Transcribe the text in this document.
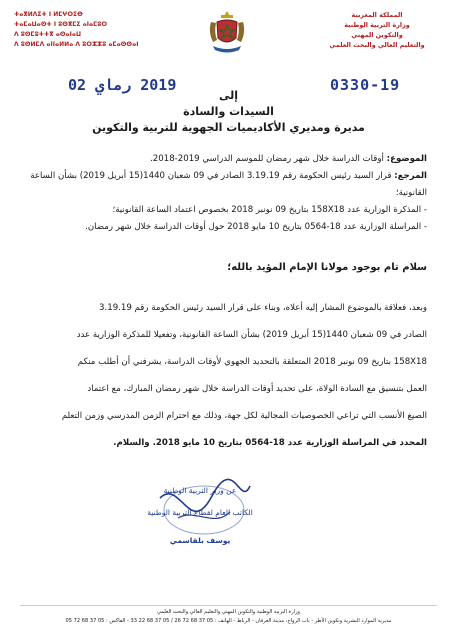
ⵜⴰⴳⵍⴷⵉⵜ ⵏ ⵍⵎⵖⵔⵉⴱ
ⵜⴰⵎⴰⵡⴰⵙⵜ ⵏ ⵓⵙⴳⵎⵉ ⴰⵏⴰⵎⵓⵔ
ⴷ ⵓⵙⵎⵓⵜⵜⴳ ⴰⵙⴰⵏⴰⵡ
ⴷ ⵓⵙⵍⵎⴷ ⴰⵏⵏⴰⵍⵍⴰ ⴷ ⵓⵔⵣⵣⵓ ⴰⵎⴰⵙⵙⴰⵏ
المملكة المغربية
وزارة التربية الوطنية
والتكوين المهني
والتعليم العالي والبحث العلمي
2019 رماي 02	0330-19
إلى
السيدات والسادة
مديرة ومديري الأكاديميات الجهوية للتربية والتكوين
الموضوع: أوقات الدراسة خلال شهر رمضان للموسم الدراسي 2019-2018.
المرجع: قرار السيد رئيس الحكومة رقم 3.19.19 الصادر في 09 شعبان 1440(15 أبريل 2019) بشأن الساعة القانونية؛
- المذكرة الوزارية عدد 158X18 بتاريخ 09 نونبر 2018 بخصوص اعتماد الساعة القانونية؛
- المراسلة الوزارية عدد 18-0564 بتاريخ 10 مايو 2018 حول أوقات الدراسة خلال شهر رمضان.
سلام تام بوجود مولانا الإمام المؤيد بالله؛
وبعد، فعلاقة بالموضوع المشار إليه أعلاه، وبناء على قرار السيد رئيس الحكومة رقم 3.19.19
الصادر في 09 شعبان 1440(15 أبريل 2019) بشأن الساعة القانونية، وتفعيلا للمذكرة الوزارية عدد
158X18 بتاريخ 09 نونبر 2018 المتعلقة بالتحديد الجهوي لأوقات الدراسة، يشرفني أن أطلب منكم
العمل بتنسيق مع السادة الولاة، على تحديد أوقات الدراسة خلال شهر رمضان المبارك، مع اعتماد
الصيغ الأنسب التي تراعي الخصوصيات المجالية لكل جهة، وذلك مع احترام الزمن المدرسي وزمن التعلم
المحدد في المراسلة الوزارية عدد 18-0564 بتاريخ 10 مايو 2018. والسلام.
عن وزير التربية الوطنية
الكاتب العام لقطاع التربية الوطنية
يوسف بلقاسمي
وزارة التربية الوطنية والتكوين المهني والتعليم العالي والبحث العلمي
مديرية الموارد البشرية وتكوين الأطر - باب الرواح، مدينة العرفان - الرباط - الهاتف : 05 37 68 72 26 / 05 37 68 22 33 - الفاكس : 05 37 68 72 05
